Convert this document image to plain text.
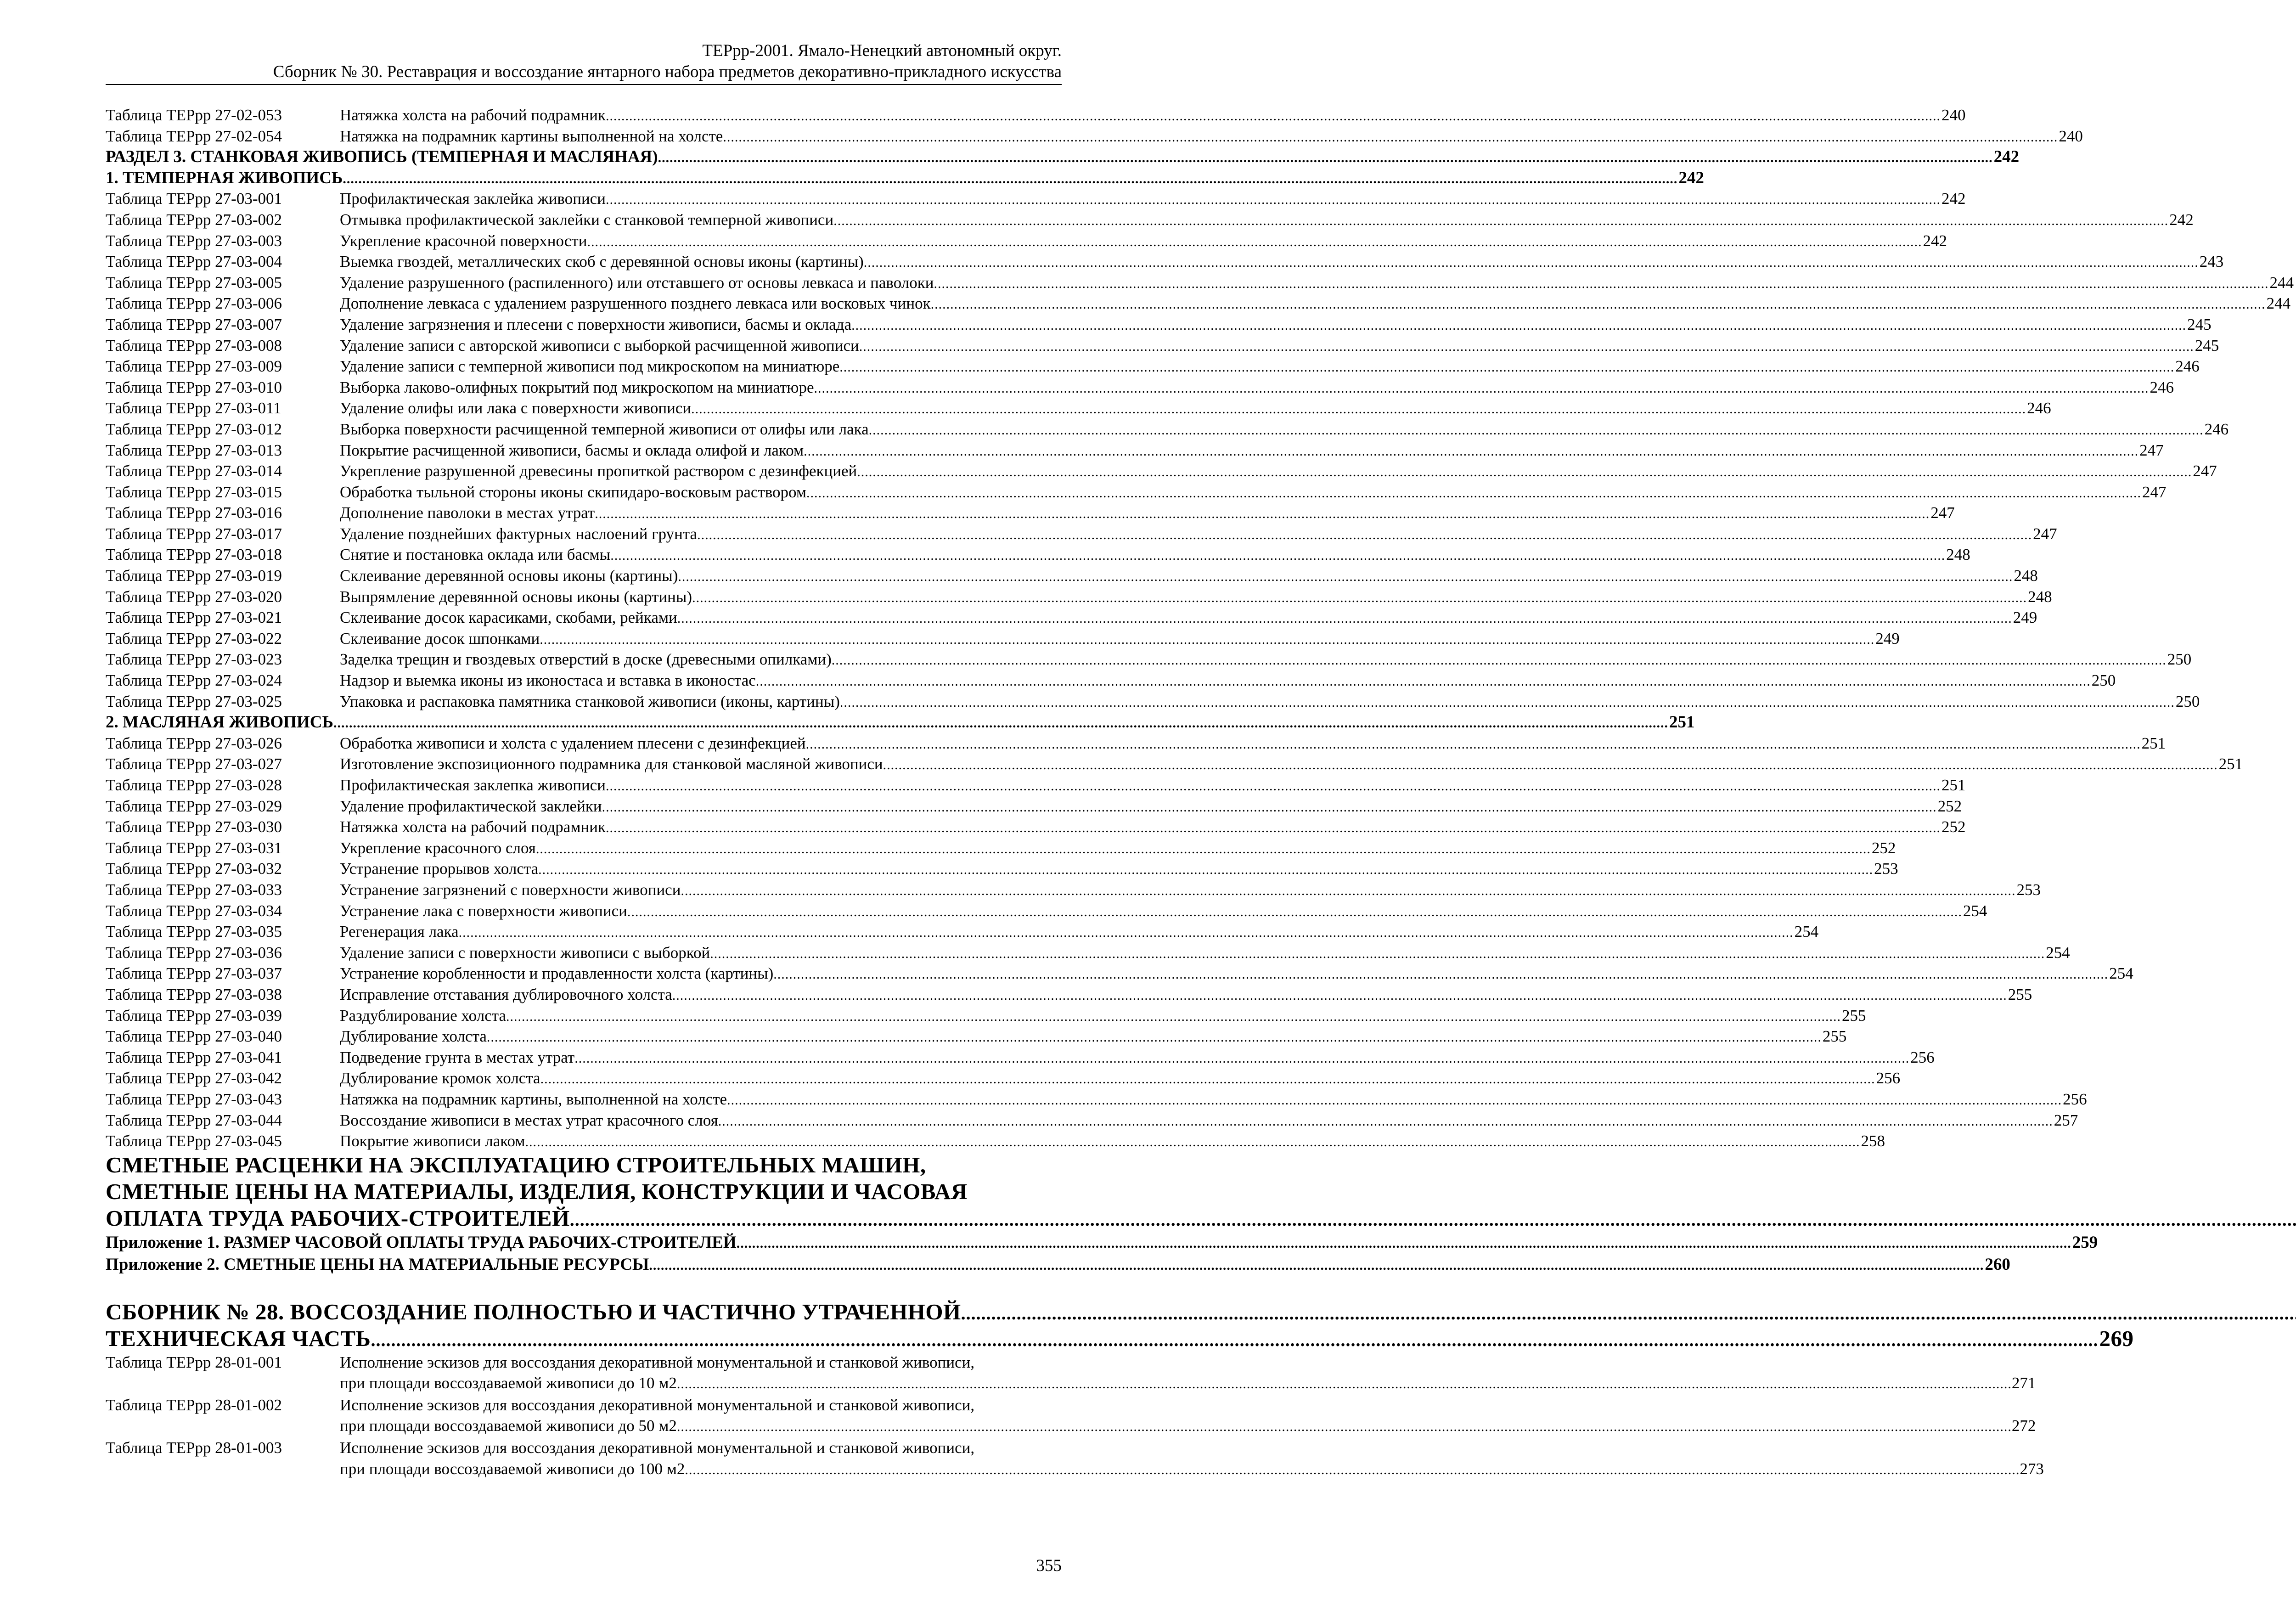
ТЕРрр-2001. Ямало-Ненецкий автономный округ.
Сборник № 30. Реставрация и воссоздание янтарного набора предметов декоративно-прикладного искусства
Таблица ТЕРрр 27-02-053	Натяжка холста на рабочий подрамник .....	240
Таблица ТЕРрр 27-02-054	Натяжка на подрамник картины выполненной на холсте .....	240
РАЗДЕЛ 3. СТАНКОВАЯ ЖИВОПИСЬ (ТЕМПЕРНАЯ И МАСЛЯНАЯ) .....	242
1. ТЕМПЕРНАЯ ЖИВОПИСЬ .....	242
Таблица ТЕРрр 27-03-001	Профилактическая заклейка живописи .....	242
Таблица ТЕРрр 27-03-002	Отмывка профилактической заклейки с станковой темперной живописи .....	242
Таблица ТЕРрр 27-03-003	Укрепление красочной поверхности .....	242
Таблица ТЕРрр 27-03-004	Выемка гвоздей, металлических скоб с деревянной основы иконы (картины) .....	243
Таблица ТЕРрр 27-03-005	Удаление разрушенного (распиленного) или отставшего от основы левкаса и паволоки .....	244
Таблица ТЕРрр 27-03-006	Дополнение левкаса с удалением разрушенного позднего левкаса или восковых чинок .....	244
Таблица ТЕРрр 27-03-007	Удаление загрязнения и плесени с поверхности живописи, басмы и оклада .....	245
Таблица ТЕРрр 27-03-008	Удаление записи с авторской живописи с выборкой расчищенной живописи .....	245
Таблица ТЕРрр 27-03-009	Удаление записи с темперной живописи под микроскопом на миниатюре .....	246
Таблица ТЕРрр 27-03-010	Выборка лаково-олифных покрытий под микроскопом на миниатюре .....	246
Таблица ТЕРрр 27-03-011	Удаление олифы или лака с поверхности живописи .....	246
Таблица ТЕРрр 27-03-012	Выборка поверхности расчищенной темперной живописи от олифы или лака .....	246
Таблица ТЕРрр 27-03-013	Покрытие расчищенной живописи, басмы и оклада олифой и лаком .....	247
Таблица ТЕРрр 27-03-014	Укрепление разрушенной древесины пропиткой раствором с дезинфекцией .....	247
Таблица ТЕРрр 27-03-015	Обработка тыльной стороны иконы скипидаро-восковым раствором .....	247
Таблица ТЕРрр 27-03-016	Дополнение паволоки в местах утрат .....	247
Таблица ТЕРрр 27-03-017	Удаление позднейших фактурных наслоений грунта .....	247
Таблица ТЕРрр 27-03-018	Снятие и постановка оклада или басмы .....	248
Таблица ТЕРрр 27-03-019	Склеивание деревянной основы иконы (картины) .....	248
Таблица ТЕРрр 27-03-020	Выпрямление деревянной основы иконы (картины) .....	248
Таблица ТЕРрр 27-03-021	Склеивание досок карасиками, скобами, рейками .....	249
Таблица ТЕРрр 27-03-022	Склеивание досок шпонками .....	249
Таблица ТЕРрр 27-03-023	Заделка трещин и гвоздевых отверстий в доске (древесными опилками) .....	250
Таблица ТЕРрр 27-03-024	Надзор и выемка иконы из иконостаса и вставка в иконостас .....	250
Таблица ТЕРрр 27-03-025	Упаковка и распаковка памятника станковой живописи (иконы, картины) .....	250
2. МАСЛЯНАЯ ЖИВОПИСЬ .....	251
Таблица ТЕРрр 27-03-026	Обработка живописи и холста с удалением плесени с дезинфекцией .....	251
Таблица ТЕРрр 27-03-027	Изготовление экспозиционного подрамника для станковой масляной живописи .....	251
Таблица ТЕРрр 27-03-028	Профилактическая заклепка живописи .....	251
Таблица ТЕРрр 27-03-029	Удаление профилактической заклейки .....	252
Таблица ТЕРрр 27-03-030	Натяжка холста на рабочий подрамник .....	252
Таблица ТЕРрр 27-03-031	Укрепление красочного слоя .....	252
Таблица ТЕРрр 27-03-032	Устранение прорывов холста .....	253
Таблица ТЕРрр 27-03-033	Устранение загрязнений с поверхности живописи .....	253
Таблица ТЕРрр 27-03-034	Устранение лака с поверхности живописи .....	254
Таблица ТЕРрр 27-03-035	Регенерация лака .....	254
Таблица ТЕРрр 27-03-036	Удаление записи с поверхности живописи с выборкой .....	254
Таблица ТЕРрр 27-03-037	Устранение коробленности и продавленности холста (картины) .....	254
Таблица ТЕРрр 27-03-038	Исправление отставания дублировочного холста .....	255
Таблица ТЕРрр 27-03-039	Раздублирование холста .....	255
Таблица ТЕРрр 27-03-040	Дублирование холста .....	255
Таблица ТЕРрр 27-03-041	Подведение грунта в местах утрат .....	256
Таблица ТЕРрр 27-03-042	Дублирование кромок холста .....	256
Таблица ТЕРрр 27-03-043	Натяжка на подрамник картины, выполненной на холсте .....	256
Таблица ТЕРрр 27-03-044	Воссоздание живописи в местах утрат красочного слоя .....	257
Таблица ТЕРрр 27-03-045	Покрытие живописи лаком .....	258
СМЕТНЫЕ РАСЦЕНКИ НА ЭКСПЛУАТАЦИЮ СТРОИТЕЛЬНЫХ МАШИН,
СМЕТНЫЕ ЦЕНЫ НА МАТЕРИАЛЫ, ИЗДЕЛИЯ, КОНСТРУКЦИИ И ЧАСОВАЯ
ОПЛАТА ТРУДА РАБОЧИХ-СТРОИТЕЛЕЙ
.....
Приложение 1. РАЗМЕР ЧАСОВОЙ ОПЛАТЫ ТРУДА РАБОЧИХ-СТРОИТЕЛЕЙ .....	259
Приложение 2. СМЕТНЫЕ ЦЕНЫ НА МАТЕРИАЛЬНЫЕ РЕСУРСЫ .....	260
СБОРНИК № 28. ВОССОЗДАНИЕ ПОЛНОСТЬЮ И ЧАСТИЧНО УТРАЧЕННОЙ
.....
ТЕХНИЧЕСКАЯ ЧАСТЬ .....	269
Таблица ТЕРрр 28-01-001	Исполнение эскизов для воссоздания декоративной монументальной и станковой живописи,
при площади воссоздаваемой живописи до 10 м2 .....	271
Таблица ТЕРрр 28-01-002	Исполнение эскизов для воссоздания декоративной монументальной и станковой живописи,
при площади воссоздаваемой живописи до 50 м2 .....	272
Таблица ТЕРрр 28-01-003	Исполнение эскизов для воссоздания декоративной монументальной и станковой живописи,
при площади воссоздаваемой живописи до 100 м2 .....	273
355
